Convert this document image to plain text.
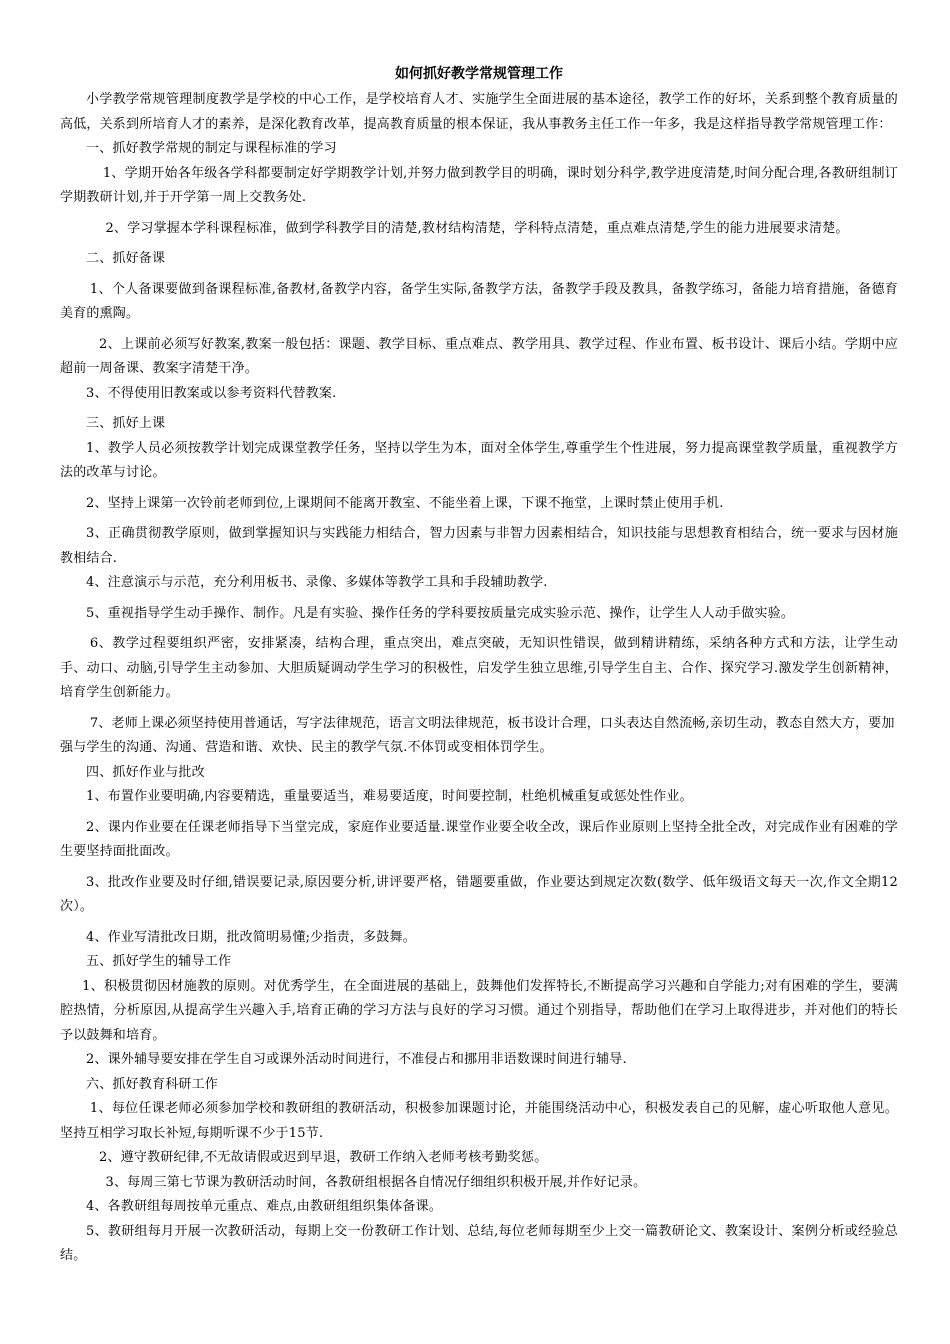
如何抓好教学常规管理工作

小学教学常规管理制度教学是学校的中心工作，是学校培育人才、实施学生全面进展的基本途径，教学工作的好坏，关系到整个教育质量的高低，关系到所培育人才的素养，是深化教育改革，提高教育质量的根本保证，我从事教务主任工作一年多，我是这样指导教学常规管理工作：

一、抓好教学常规的制定与课程标准的学习

1、学期开始各年级各学科都要制定好学期教学计划,并努力做到教学目的明确，课时划分科学,教学进度清楚,时间分配合理,各教研组制订学期教研计划,并于开学第一周上交教务处.

2、学习掌握本学科课程标准，做到学科教学目的清楚,教材结构清楚，学科特点清楚，重点难点清楚,学生的能力进展要求清楚。

二、抓好备课

1、个人备课要做到备课程标准,备教材,备教学内容，备学生实际,备教学方法，备教学手段及教具，备教学练习，备能力培育措施，备德育美育的熏陶。

2、上课前必须写好教案,教案一般包括：课题、教学目标、重点难点、教学用具、教学过程、作业布置、板书设计、课后小结。学期中应超前一周备课、教案字清楚干净。

3、不得使用旧教案或以参考资料代替教案.

三、抓好上课

1、教学人员必须按教学计划完成课堂教学任务，坚持以学生为本，面对全体学生,尊重学生个性进展，努力提高课堂教学质量，重视教学方法的改革与讨论。

2、坚持上课第一次铃前老师到位,上课期间不能离开教室、不能坐着上课，下课不拖堂，上课时禁止使用手机.

3、正确贯彻教学原则，做到掌握知识与实践能力相结合，智力因素与非智力因素相结合，知识技能与思想教育相结合，统一要求与因材施教相结合.

4、注意演示与示范，充分利用板书、录像、多媒体等教学工具和手段辅助教学.

5、重视指导学生动手操作、制作。凡是有实验、操作任务的学科要按质量完成实验示范、操作，让学生人人动手做实验。

6、教学过程要组织严密，安排紧凑，结构合理，重点突出，难点突破，无知识性错误，做到精讲精练，采纳各种方式和方法，让学生动手、动口、动脑,引导学生主动参加、大胆质疑调动学生学习的积极性，启发学生独立思维,引导学生自主、合作、探究学习.激发学生创新精神，培育学生创新能力。

7、老师上课必须坚持使用普通话，写字法律规范，语言文明法律规范，板书设计合理，口头表达自然流畅,亲切生动，教态自然大方，要加

强与学生的沟通、沟通、营造和谐、欢快、民主的教学气氛.不体罚或变相体罚学生。

四、抓好作业与批改

1、布置作业要明确,内容要精选，重量要适当，难易要适度，时间要控制，杜绝机械重复或惩处性作业。

2、课内作业要在任课老师指导下当堂完成，家庭作业要适量.课堂作业要全收全改，课后作业原则上坚持全批全改，对完成作业有困难的学生要坚持面批面改。

3、批改作业要及时仔细,错误要记录,原因要分析,讲评要严格，错题要重做，作业要达到规定次数(数学、低年级语文每天一次,作文全期12次）。

4、作业写清批改日期，批改简明易懂;少指责，多鼓舞。

五、抓好学生的辅导工作

1、积极贯彻因材施教的原则。对优秀学生，在全面进展的基础上，鼓舞他们发挥特长,不断提高学习兴趣和自学能力;对有困难的学生，要满腔热情，分析原因,从提高学生兴趣入手,培育正确的学习方法与良好的学习习惯。通过个别指导，帮助他们在学习上取得进步，并对他们的特长予以鼓舞和培育。

2、课外辅导要安排在学生自习或课外活动时间进行，不准侵占和挪用非语数课时间进行辅导.

六、抓好教育科研工作

1、每位任课老师必须参加学校和教研组的教研活动，积极参加课题讨论，并能围绕活动中心，积极发表自己的见解，虚心听取他人意见。坚持互相学习取长补短,每期听课不少于15节.

2、遵守教研纪律,不无故请假或迟到早退，教研工作纳入老师考核考勤奖惩。

3、每周三第七节课为教研活动时间，各教研组根据各自情况仔细组织积极开展,并作好记录。

4、各教研组每周按单元重点、难点,由教研组组织集体备课。

5、教研组每月开展一次教研活动，每期上交一份教研工作计划、总结,每位老师每期至少上交一篇教研论文、教案设计、案例分析或经验总结。
